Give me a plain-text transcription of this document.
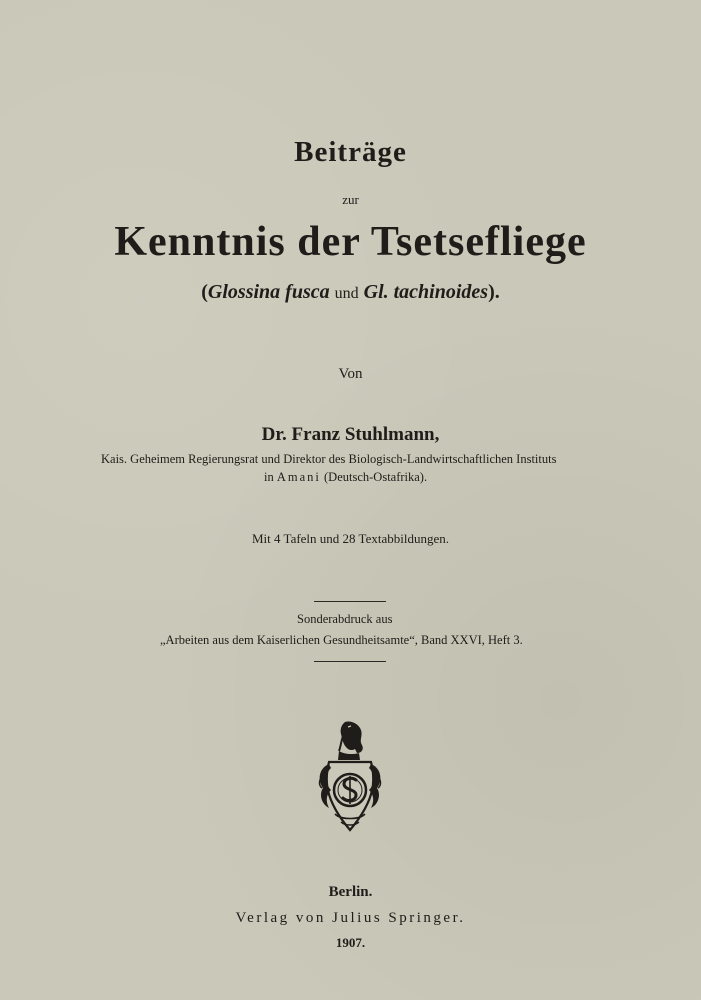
Beiträge
zur
Kenntnis der Tsetsefliege
(Glossina fusca und Gl. tachinoides).
Von
Dr. Franz Stuhlmann,
Kais. Geheimem Regierungsrat und Direktor des Biologisch-Landwirtschaftlichen Instituts
in Amani (Deutsch-Ostafrika).
Mit 4 Tafeln und 28 Textabbildungen.
Sonderabdruck aus
„Arbeiten aus dem Kaiserlichen Gesundheitsamte“, Band XXVI, Heft 3.
Berlin.
Verlag von Julius Springer.
1907.
